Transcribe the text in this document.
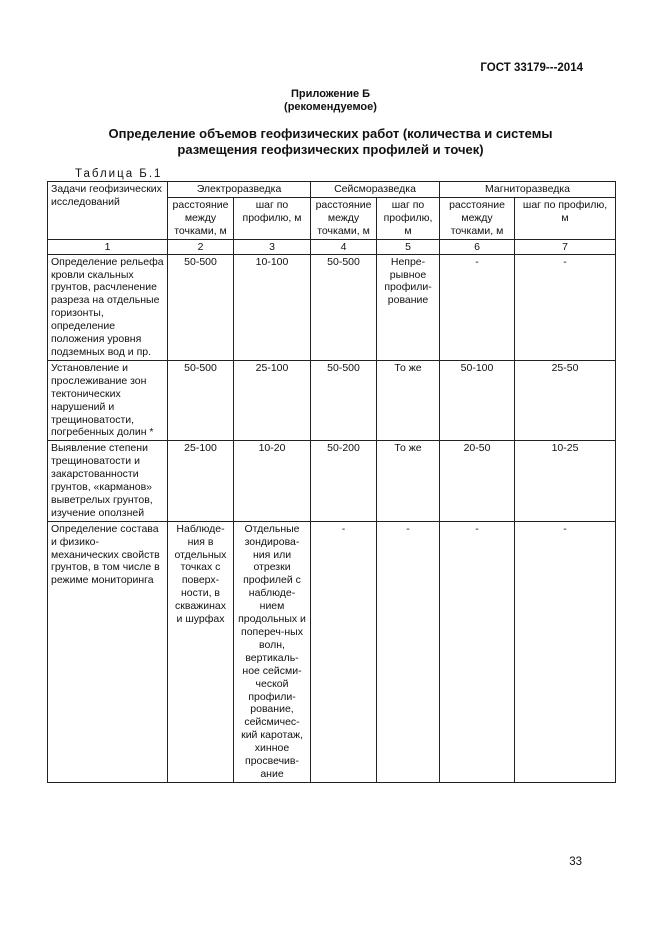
ГОСТ 33179---2014
Приложение Б
(рекомендуемое)
Определение объемов геофизических работ (количества и системы
размещения геофизических профилей и точек)
Таблица Б.1
Задачи геофизических исследований	Электроразведка		Сейсморазведка		Магниторазведка	
	расстояние между точками, м	шаг по профилю, м	расстояние между точками, м	шаг по профилю, м	расстояние между точками, м	шаг по профилю, м
1	2	3	4	5	6	7
Определение рельефа кровли скальных грунтов, расчленение разреза на отдельные горизонты, определение положения уровня подземных вод и пр.	50-500	10-100	50-500	Непре-рывное профили-рование	-	-
Установление и прослеживание зон тектонических нарушений и трещиноватости, погребенных долин *	50-500	25-100	50-500	То же	50-100	25-50
Выявление степени трещиноватости и закарстованности грунтов, «карманов» выветрелых грунтов, изучение оползней	25-100	10-20	50-200	То же	20-50	10-25
Определение состава и физико-механических свойств грунтов, в том числе в режиме мониторинга	Наблюде-ния в отдельных точках с поверх-ности, в скважинах и шурфах	Отдельные зондирова-ния или отрезки профилей с наблюде-нием продольных и попереч-ных волн, вертикаль-ное сейсми-ческой профили-рование, сейсмичес-кий каротаж, хинное просвечив-ание	-	-	-	-
33
